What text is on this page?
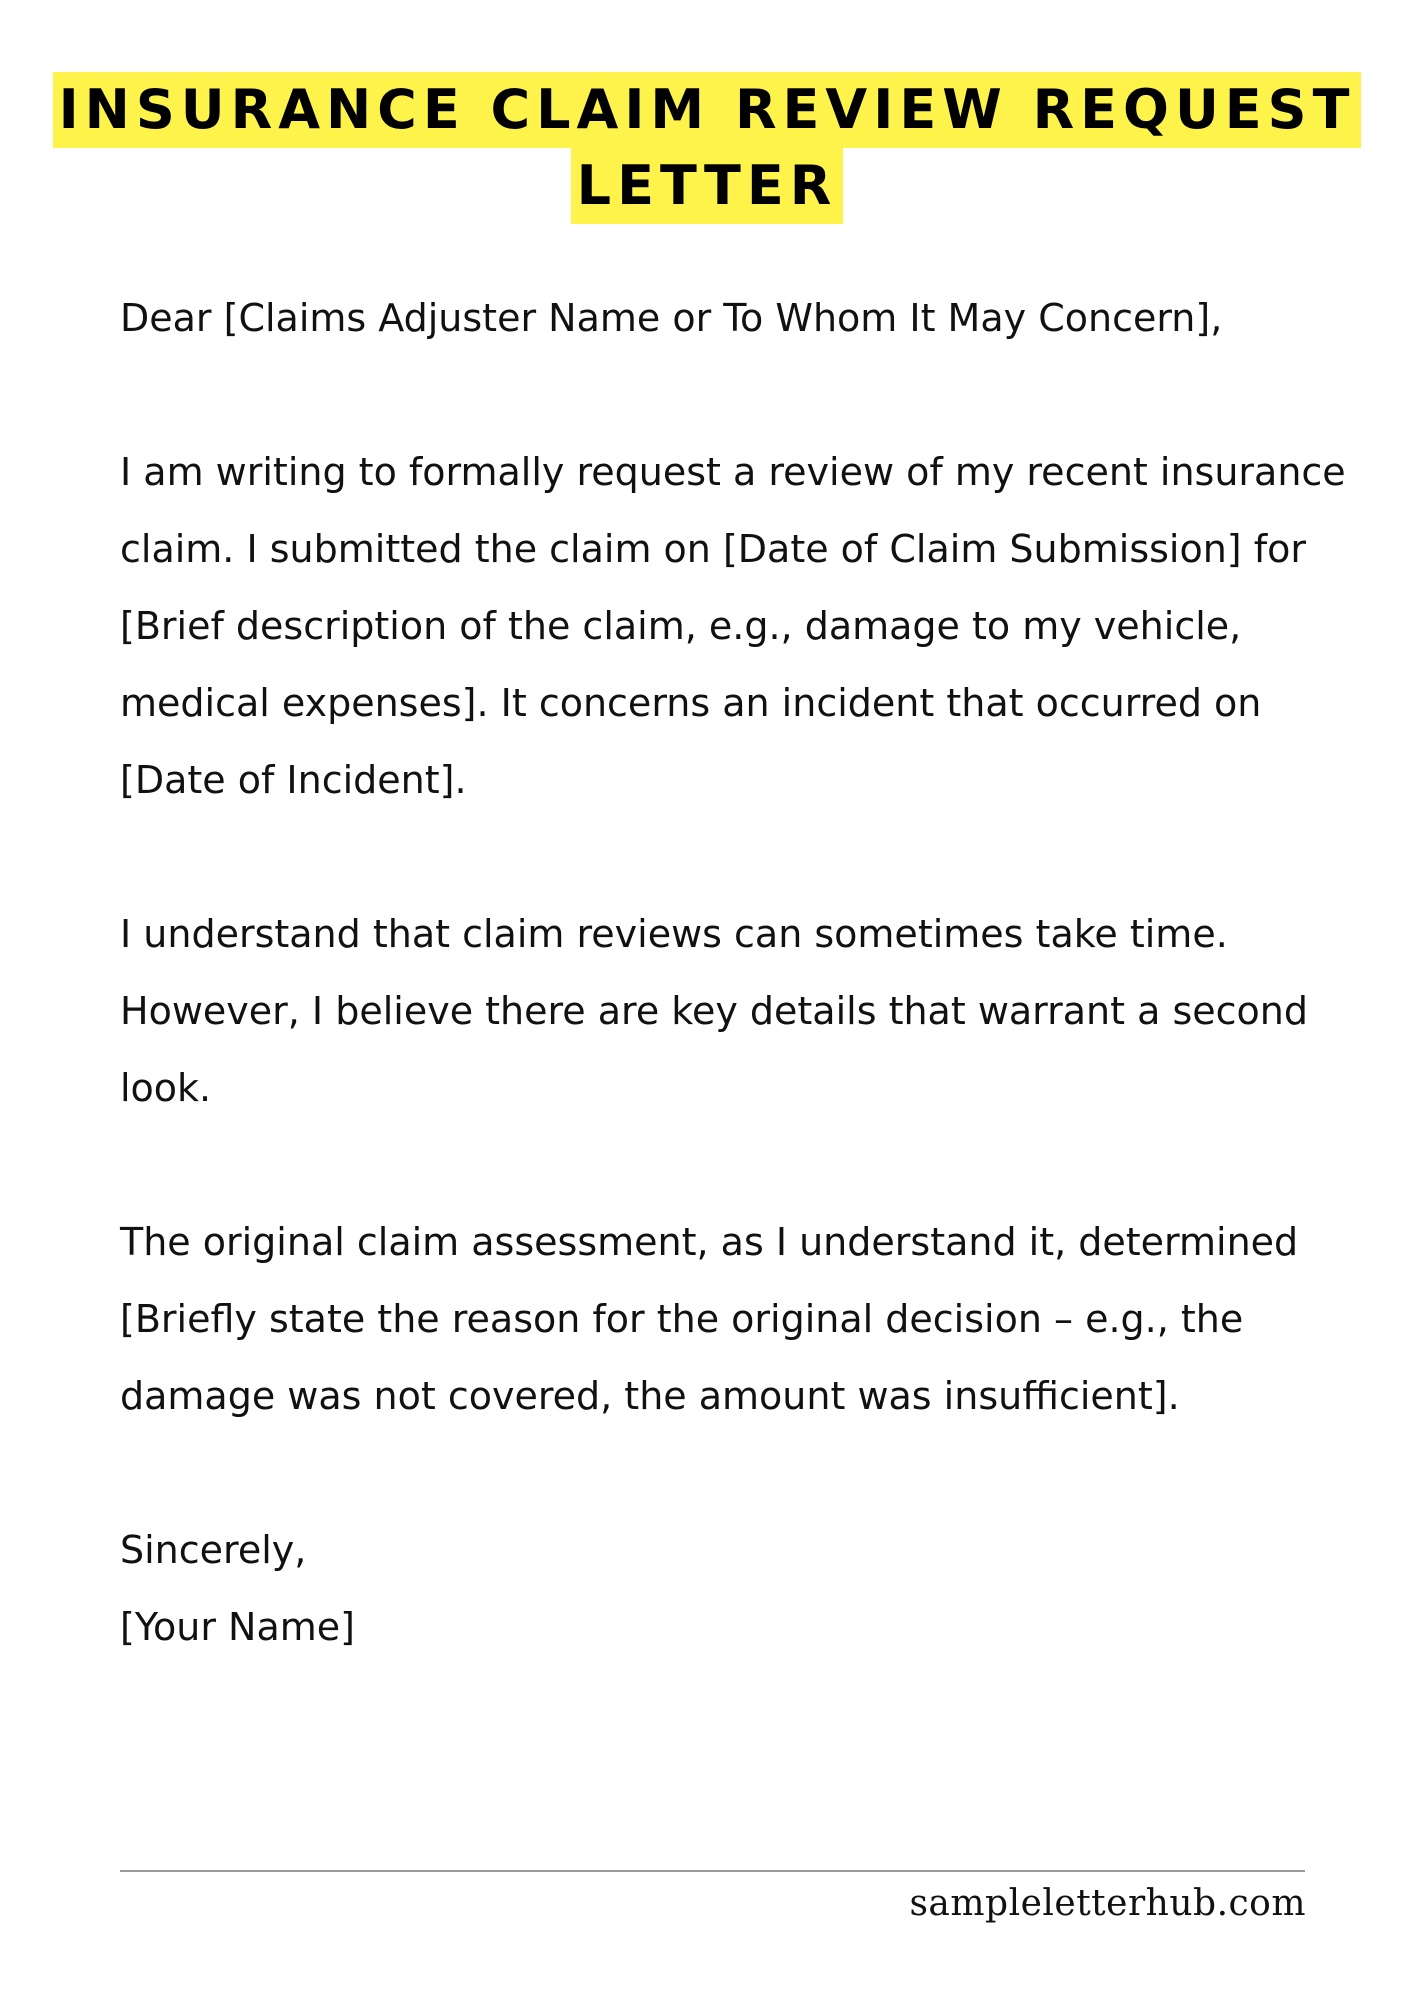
INSURANCE CLAIM REVIEW REQUEST
LETTER

Dear [Claims Adjuster Name or To Whom It May Concern],

I am writing to formally request a review of my recent insurance claim. I submitted the claim on [Date of Claim Submission] for [Brief description of the claim, e.g., damage to my vehicle, medical expenses]. It concerns an incident that occurred on [Date of Incident].

I understand that claim reviews can sometimes take time. However, I believe there are key details that warrant a second look.

The original claim assessment, as I understand it, determined [Briefly state the reason for the original decision – e.g., the damage was not covered, the amount was insufficient].

Sincerely,

[Your Name]

sampleletterhub.com
